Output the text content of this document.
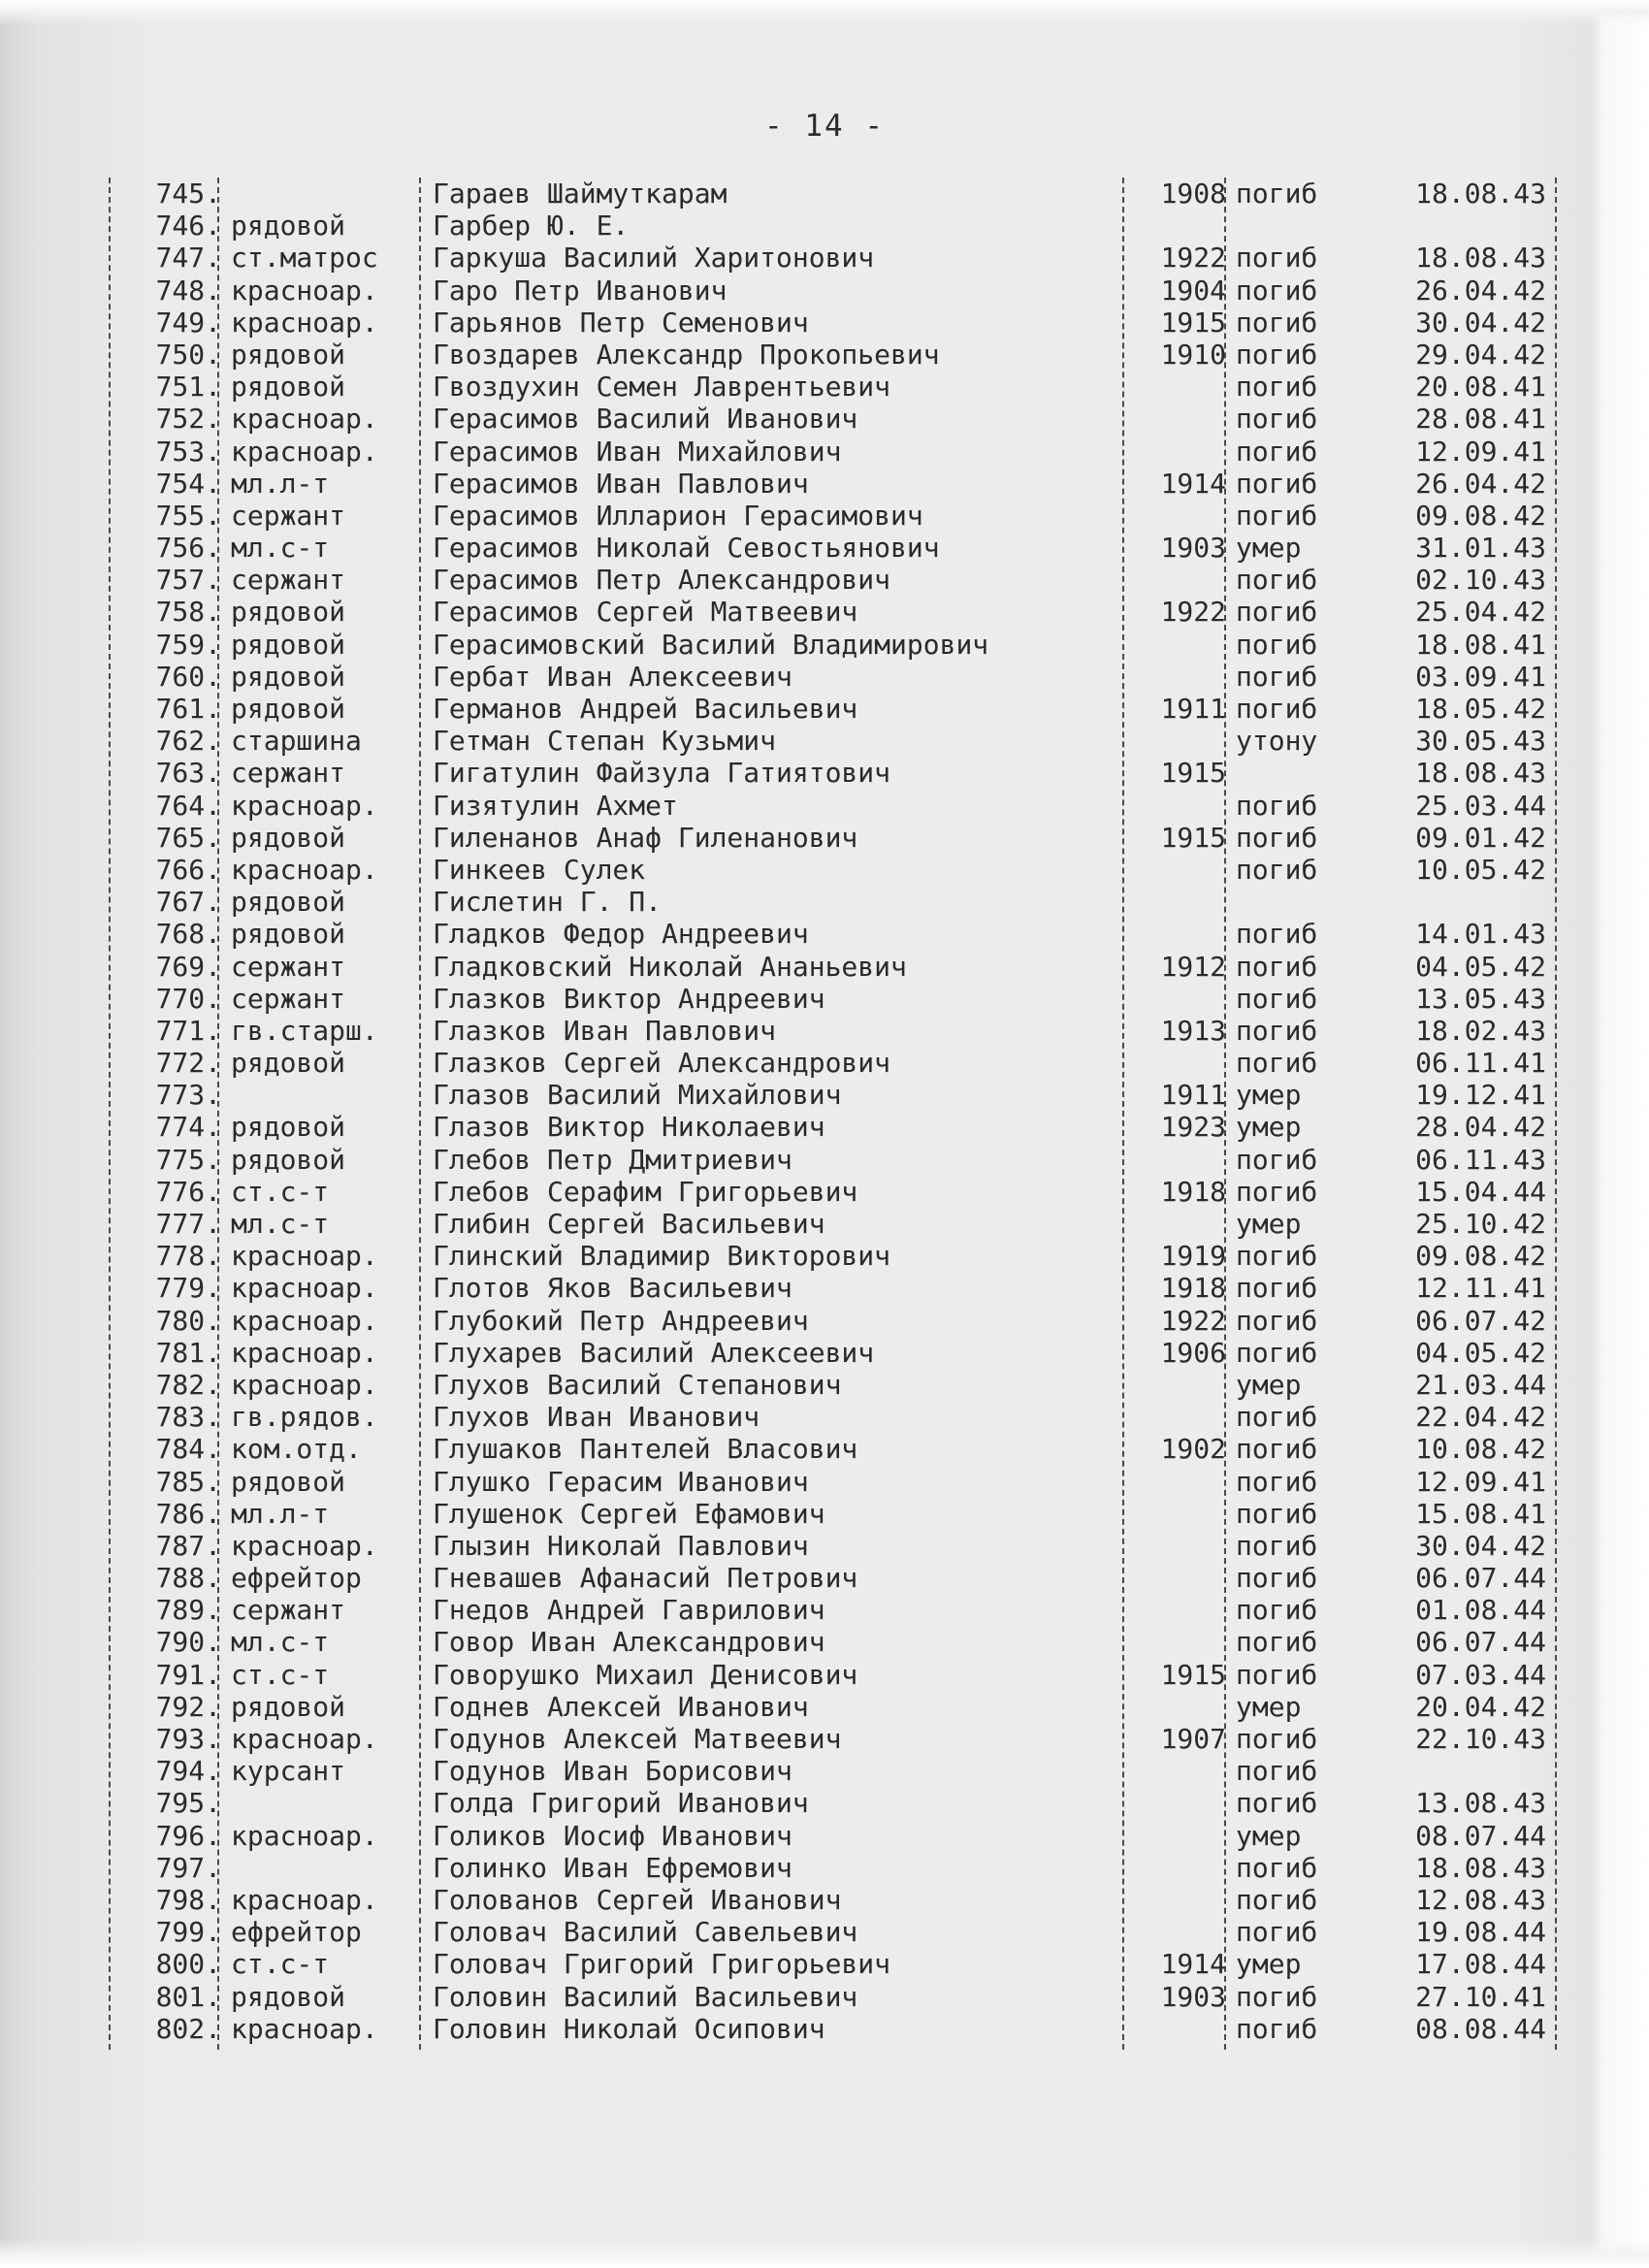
- 14 -
745.	Гараев Шаймуткарам	1908 погиб	18.08.43
746. рядовой	Гарбер Ю. Е.
747. ст.матрос	Гаркуша Василий Харитонович	1922 погиб	18.08.43
748. красноар.	Гаро Петр Иванович	1904 погиб	26.04.42
749. красноар.	Гарьянов Петр Семенович	1915 погиб	30.04.42
750. рядовой	Гвоздарев Александр Прокопьевич	1910 погиб	29.04.42
751. рядовой	Гвоздухин Семен Лаврентьевич	погиб	20.08.41
752. красноар.	Герасимов Василий Иванович	погиб	28.08.41
753. красноар.	Герасимов Иван Михайлович	погиб	12.09.41
754. мл.л-т	Герасимов Иван Павлович	1914 погиб	26.04.42
755. сержант	Герасимов Илларион Герасимович	погиб	09.08.42
756. мл.с-т	Герасимов Николай Севостьянович	1903 умер	31.01.43
757. сержант	Герасимов Петр Александрович	погиб	02.10.43
758. рядовой	Герасимов Сергей Матвеевич	1922 погиб	25.04.42
759. рядовой	Герасимовский Василий Владимирович	погиб	18.08.41
760. рядовой	Гербат Иван Алексеевич	погиб	03.09.41
761. рядовой	Германов Андрей Васильевич	1911 погиб	18.05.42
762. старшина	Гетман Степан Кузьмич	утону	30.05.43
763. сержант	Гигатулин Файзула Гатиятович	1915	18.08.43
764. красноар.	Гизятулин Ахмет	погиб	25.03.44
765. рядовой	Гиленанов Анаф Гиленанович	1915 погиб	09.01.42
766. красноар.	Гинкеев Сулек	погиб	10.05.42
767. рядовой	Гислетин Г. П.
768. рядовой	Гладков Федор Андреевич	погиб	14.01.43
769. сержант	Гладковский Николай Ананьевич	1912 погиб	04.05.42
770. сержант	Глазков Виктор Андреевич	погиб	13.05.43
771. гв.старш.	Глазков Иван Павлович	1913 погиб	18.02.43
772. рядовой	Глазков Сергей Александрович	погиб	06.11.41
773.	Глазов Василий Михайлович	1911 умер	19.12.41
774. рядовой	Глазов Виктор Николаевич	1923 умер	28.04.42
775. рядовой	Глебов Петр Дмитриевич	погиб	06.11.43
776. ст.с-т	Глебов Серафим Григорьевич	1918 погиб	15.04.44
777. мл.с-т	Глибин Сергей Васильевич	умер	25.10.42
778. красноар.	Глинский Владимир Викторович	1919 погиб	09.08.42
779. красноар.	Глотов Яков Васильевич	1918 погиб	12.11.41
780. красноар.	Глубокий Петр Андреевич	1922 погиб	06.07.42
781. красноар.	Глухарев Василий Алексеевич	1906 погиб	04.05.42
782. красноар.	Глухов Василий Степанович	умер	21.03.44
783. гв.рядов.	Глухов Иван Иванович	погиб	22.04.42
784. ком.отд.	Глушаков Пантелей Власович	1902 погиб	10.08.42
785. рядовой	Глушко Герасим Иванович	погиб	12.09.41
786. мл.л-т	Глушенок Сергей Ефамович	погиб	15.08.41
787. красноар.	Глызин Николай Павлович	погиб	30.04.42
788. ефрейтор	Гневашев Афанасий Петрович	погиб	06.07.44
789. сержант	Гнедов Андрей Гаврилович	погиб	01.08.44
790. мл.с-т	Говор Иван Александрович	погиб	06.07.44
791. ст.с-т	Говорушко Михаил Денисович	1915 погиб	07.03.44
792. рядовой	Годнев Алексей Иванович	умер	20.04.42
793. красноар.	Годунов Алексей Матвеевич	1907 погиб	22.10.43
794. курсант	Годунов Иван Борисович	погиб
795.	Голда Григорий Иванович	погиб	13.08.43
796. красноар.	Голиков Иосиф Иванович	умер	08.07.44
797.	Голинко Иван Ефремович	погиб	18.08.43
798. красноар.	Голованов Сергей Иванович	погиб	12.08.43
799. ефрейтор	Головач Василий Савельевич	погиб	19.08.44
800. ст.с-т	Головач Григорий Григорьевич	1914 умер	17.08.44
801. рядовой	Головин Василий Васильевич	1903 погиб	27.10.41
802. красноар.	Головин Николай Осипович	погиб	08.08.44
